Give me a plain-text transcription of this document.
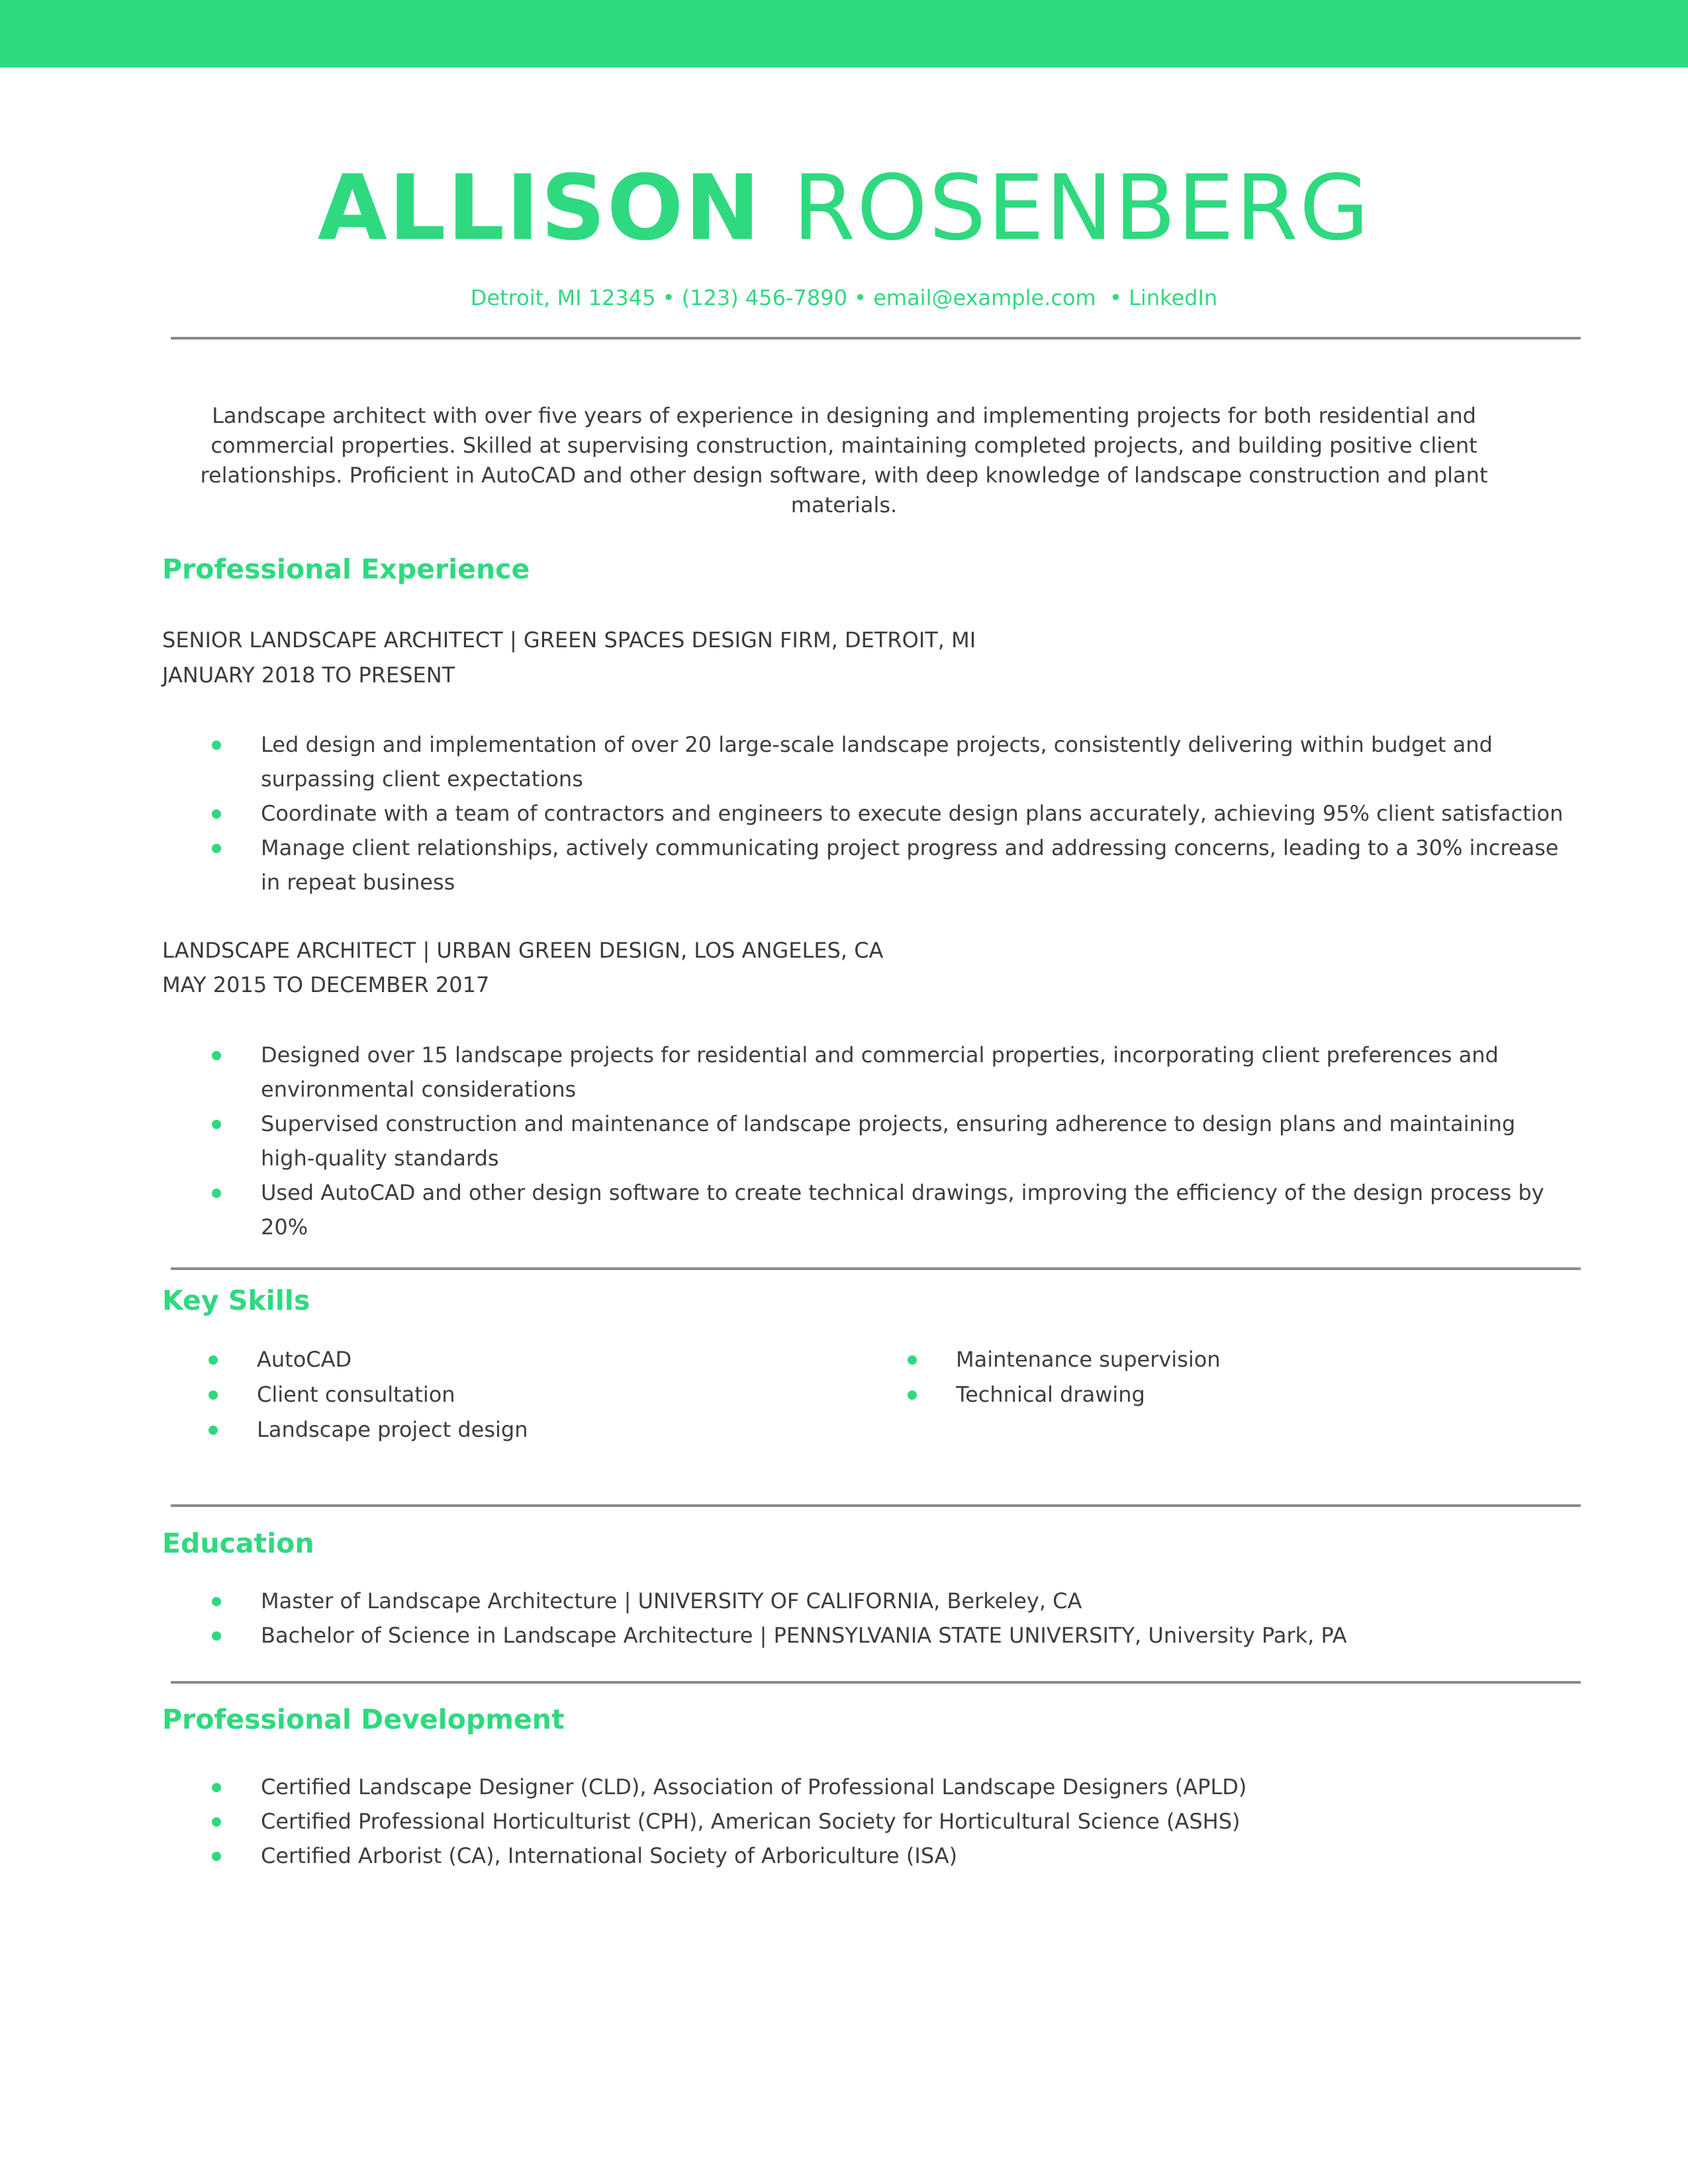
ALLISON ROSENBERG
Detroit, MI 12345 • (123) 456-7890 • email@example.com • LinkedIn

Landscape architect with over five years of experience in designing and implementing projects for both residential and commercial properties. Skilled at supervising construction, maintaining completed projects, and building positive client relationships. Proficient in AutoCAD and other design software, with deep knowledge of landscape construction and plant materials.

Professional Experience

SENIOR LANDSCAPE ARCHITECT | GREEN SPACES DESIGN FIRM, DETROIT, MI

JANUARY 2018 TO PRESENT

Led design and implementation of over 20 large-scale landscape projects, consistently delivering within budget and surpassing client expectations
Coordinate with a team of contractors and engineers to execute design plans accurately, achieving 95% client satisfaction
Manage client relationships, actively communicating project progress and addressing concerns, leading to a 30% increase in repeat business

LANDSCAPE ARCHITECT | URBAN GREEN DESIGN, LOS ANGELES, CA

MAY 2015 TO DECEMBER 2017

Designed over 15 landscape projects for residential and commercial properties, incorporating client preferences and environmental considerations
Supervised construction and maintenance of landscape projects, ensuring adherence to design plans and maintaining high-quality standards
Used AutoCAD and other design software to create technical drawings, improving the efficiency of the design process by 20%
Key Skills
AutoCAD
Client consultation
Landscape project design
Maintenance supervision
Technical drawing
Education
Master of Landscape Architecture | UNIVERSITY OF CALIFORNIA, Berkeley, CA
Bachelor of Science in Landscape Architecture | PENNSYLVANIA STATE UNIVERSITY, University Park, PA
Professional Development
Certified Landscape Designer (CLD), Association of Professional Landscape Designers (APLD)
Certified Professional Horticulturist (CPH), American Society for Horticultural Science (ASHS)
Certified Arborist (CA), International Society of Arboriculture (ISA)
